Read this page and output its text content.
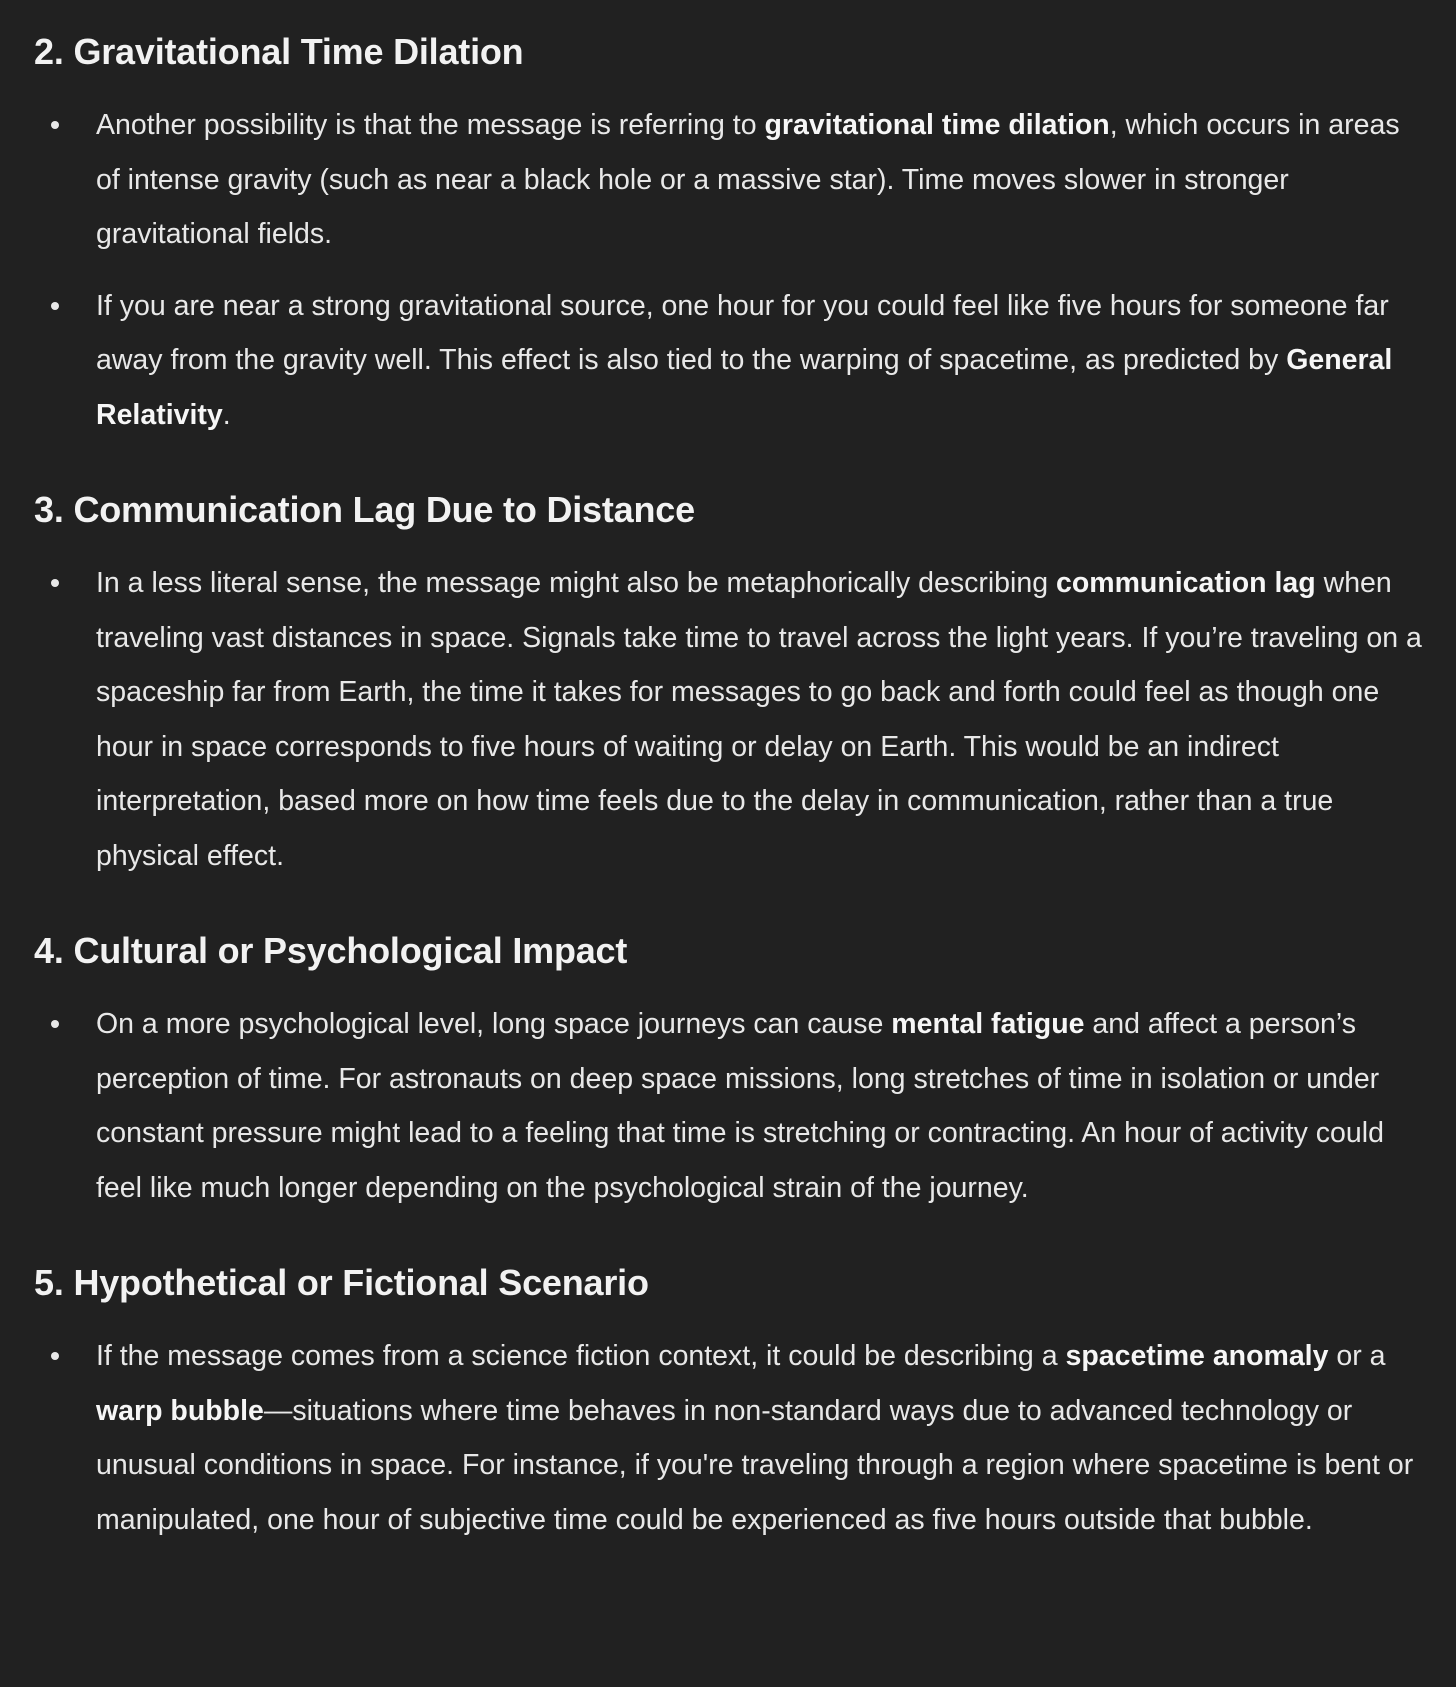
2. Gravitational Time Dilation
Another possibility is that the message is referring to gravitational time dilation, which occurs in areas of intense gravity (such as near a black hole or a massive star). Time moves slower in stronger gravitational fields.
If you are near a strong gravitational source, one hour for you could feel like five hours for someone far away from the gravity well. This effect is also tied to the warping of spacetime, as predicted by General Relativity.
3. Communication Lag Due to Distance
In a less literal sense, the message might also be metaphorically describing communication lag when traveling vast distances in space. Signals take time to travel across the light years. If you’re traveling on a spaceship far from Earth, the time it takes for messages to go back and forth could feel as though one hour in space corresponds to five hours of waiting or delay on Earth. This would be an indirect interpretation, based more on how time feels due to the delay in communication, rather than a true physical effect.
4. Cultural or Psychological Impact
On a more psychological level, long space journeys can cause mental fatigue and affect a person’s perception of time. For astronauts on deep space missions, long stretches of time in isolation or under constant pressure might lead to a feeling that time is stretching or contracting. An hour of activity could feel like much longer depending on the psychological strain of the journey.
5. Hypothetical or Fictional Scenario
If the message comes from a science fiction context, it could be describing a spacetime anomaly or a warp bubble—situations where time behaves in non-standard ways due to advanced technology or unusual conditions in space. For instance, if you're traveling through a region where spacetime is bent or manipulated, one hour of subjective time could be experienced as five hours outside that bubble.
